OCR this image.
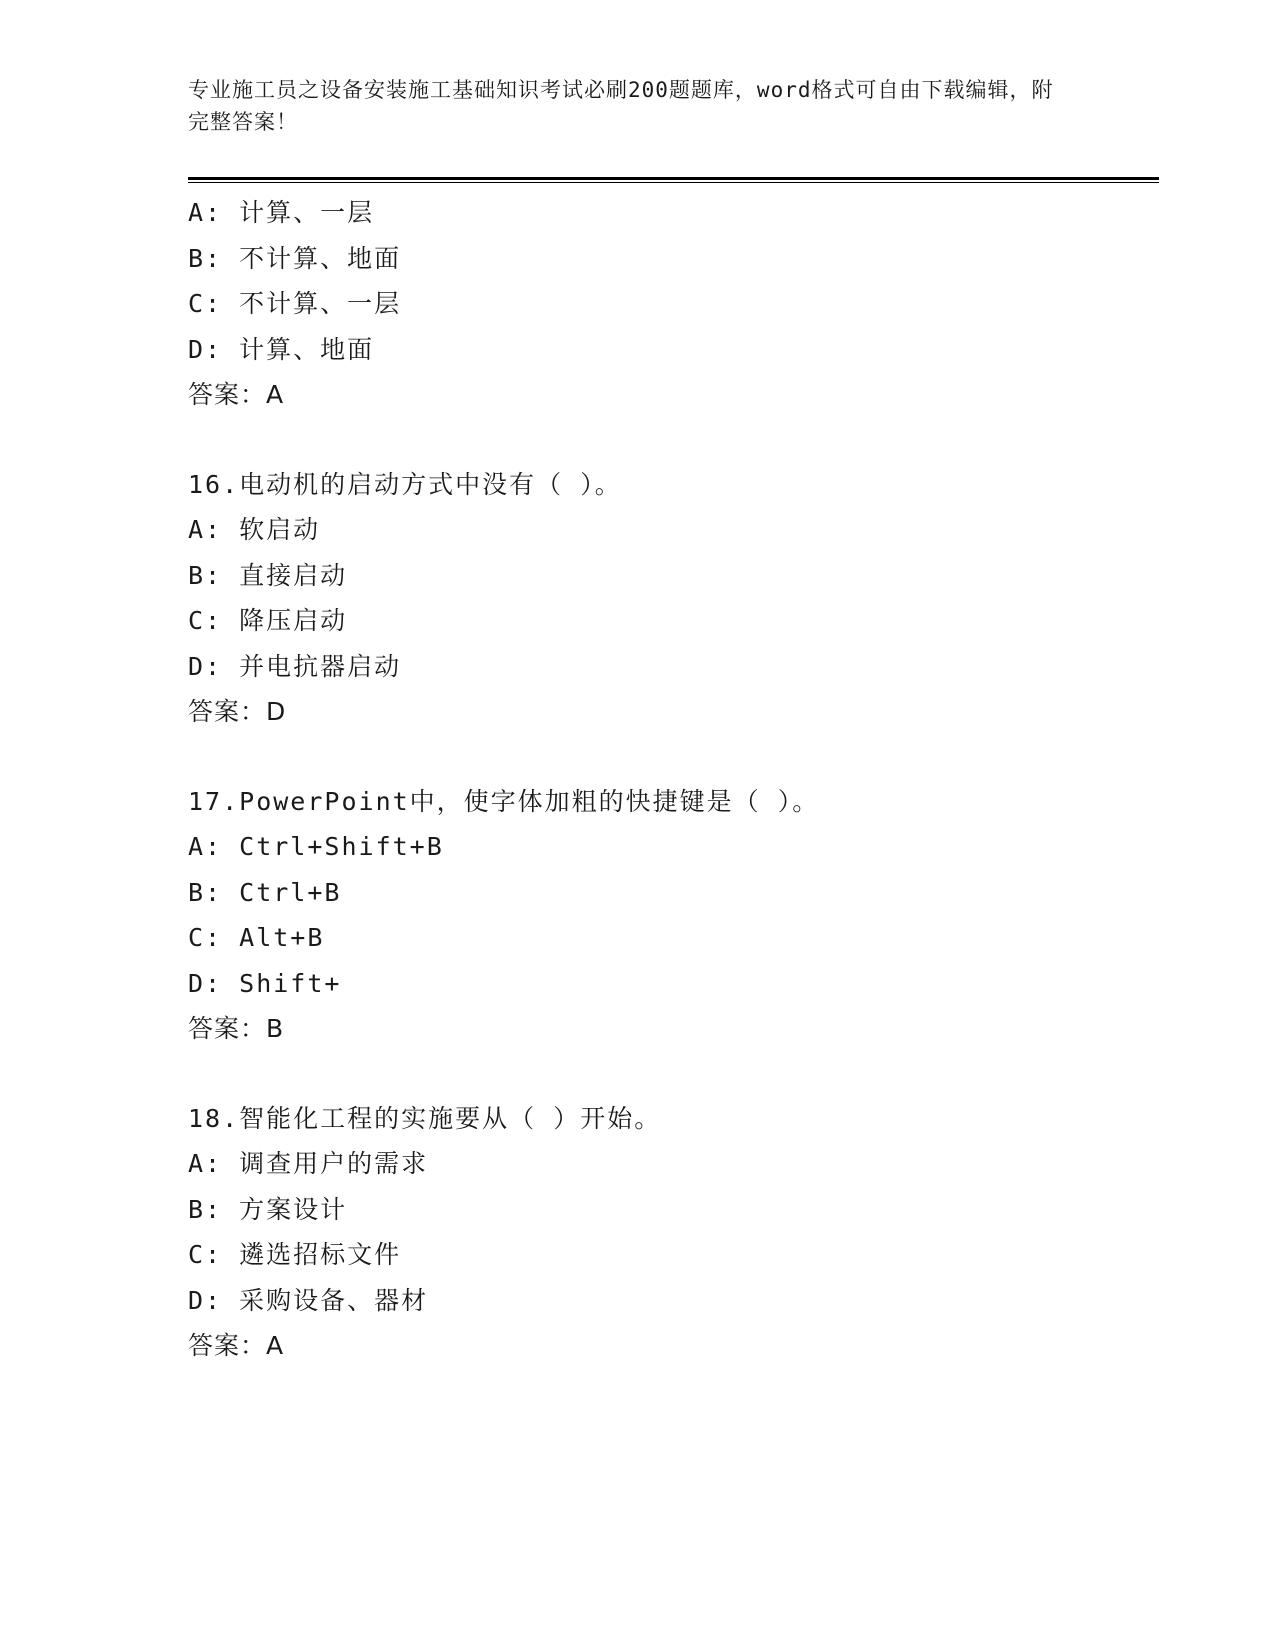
专业施工员之设备安装施工基础知识考试必刷200题题库，word格式可自由下载编辑，附完整答案！
A: 计算、一层
B: 不计算、地面
C: 不计算、一层
D: 计算、地面
答案：A
16.电动机的启动方式中没有（ ）。
A: 软启动
B: 直接启动
C: 降压启动
D: 并电抗器启动
答案：D
17.PowerPoint中，使字体加粗的快捷键是（ ）。
A: Ctrl+Shift+B
B: Ctrl+B
C: Alt+B
D: Shift+
答案：B
18.智能化工程的实施要从（ ）开始。
A: 调查用户的需求
B: 方案设计
C: 遴选招标文件
D: 采购设备、器材
答案：A
